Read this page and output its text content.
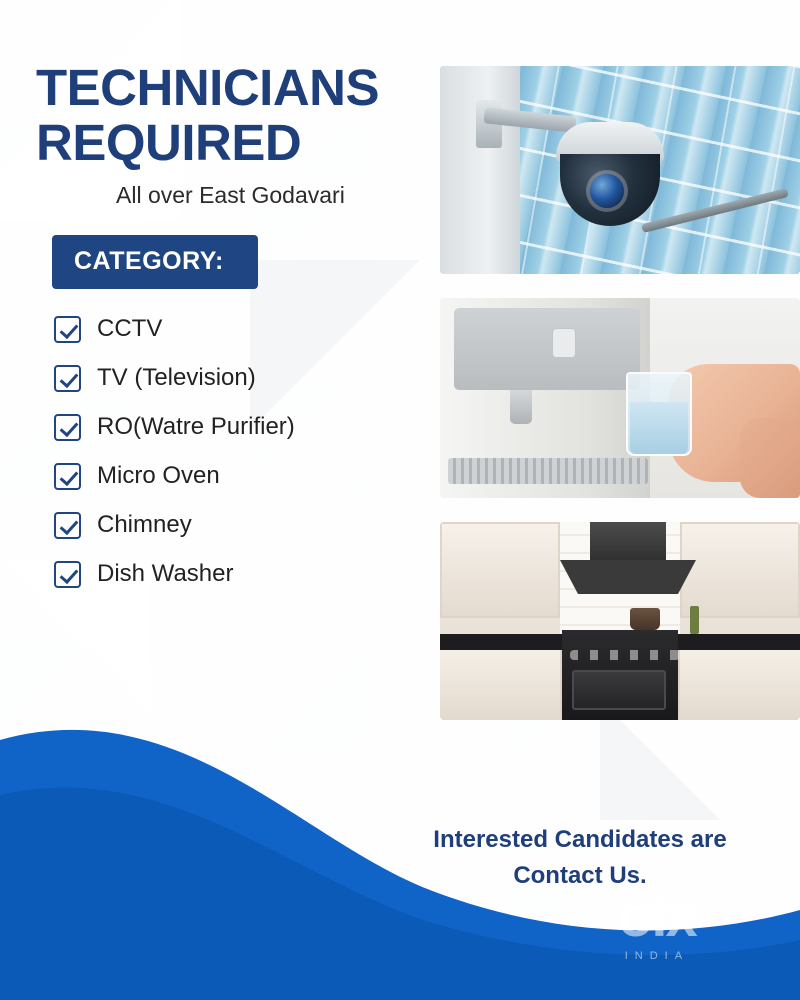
TECHNICIANS
REQUIRED
All over East Godavari
CATEGORY:
CCTV
TV (Television)
RO(Watre Purifier)
Micro Oven
Chimney
Dish Washer
Interested Candidates are
Contact Us.
olx
INDIA
